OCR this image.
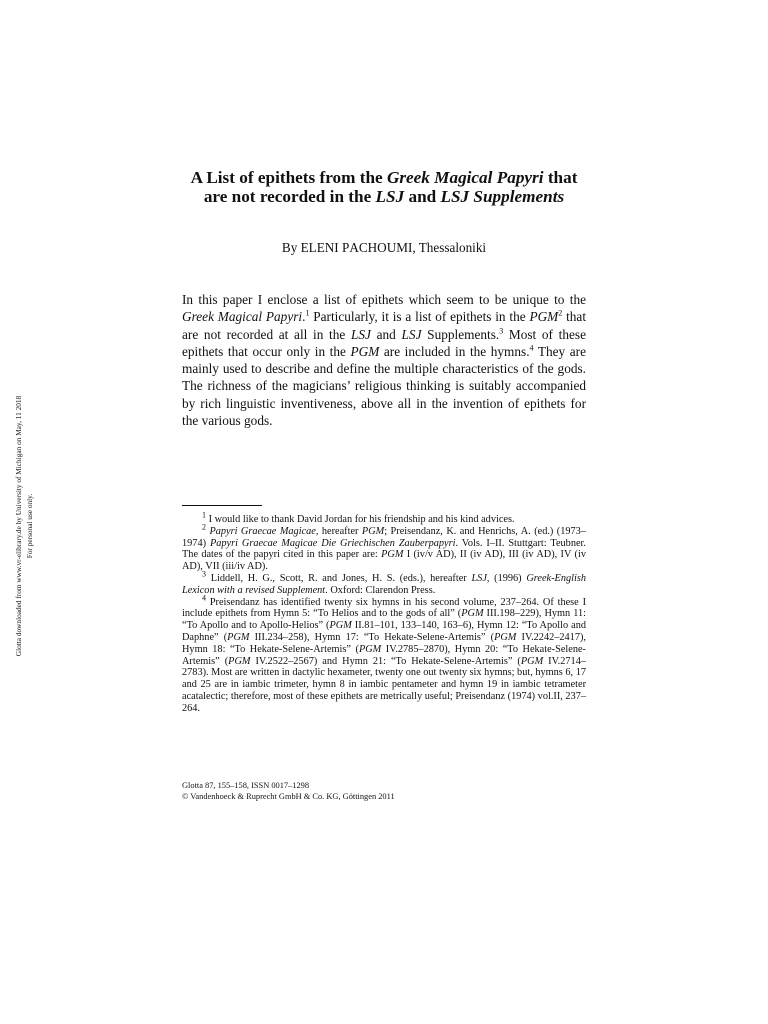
Glotta downloaded from www.vr-elibrary.de by University of Michigan on May, 11 2018 For personal use only.
A List of epithets from the Greek Magical Papyri that are not recorded in the LSJ and LSJ Supplements
By ELENI PACHOUMI, Thessaloniki

In this paper I enclose a list of epithets which seem to be unique to the Greek Magical Papyri.$^1$ Particularly, it is a list of epithets in the PGM$^2$ that are not recorded at all in the LSJ and LSJ Supplements.$^3$ Most of these epithets that occur only in the PGM are included in the hymns.$^4$ They are mainly used to describe and define the multiple characteristics of the gods. The richness of the magicians’ religious thinking is suitably accompanied by rich linguistic inventiveness, above all in the invention of epithets for the various gods.

$^1$ I would like to thank David Jordan for his friendship and his kind advices.

$^2$ Papyri Graecae Magicae, hereafter PGM; Preisendanz, K. and Henrichs, A. (ed.) (1973–1974) Papyri Graecae Magicae Die Griechischen Zauberpapyri. Vols. I–II. Stuttgart: Teubner. The dates of the papyri cited in this paper are: PGM I (iv/v AD), II (iv AD), III (iv AD), IV (iv AD), VII (iii/iv AD).

$^3$ Liddell, H. G., Scott, R. and Jones, H. S. (eds.), hereafter LSJ, (1996) Greek-English Lexicon with a revised Supplement. Oxford: Clarendon Press.

$^4$ Preisendanz has identified twenty six hymns in his second volume, 237–264. Of these I include epithets from Hymn 5: “To Helios and to the gods of all” (PGM III.198–229), Hymn 11: “To Apollo and to Apollo-Helios” (PGM II.81–101, 133–140, 163–6), Hymn 12: “To Apollo and Daphne” (PGM III.234–258), Hymn 17: “To Hekate-Selene-Artemis” (PGM IV.2242–2417), Hymn 18: “To Hekate-Selene-Artemis” (PGM IV.2785–2870), Hymn 20: “To Hekate-Selene-Artemis” (PGM IV.2522–2567) and Hymn 21: “To Hekate-Selene-Artemis” (PGM IV.2714–2783). Most are written in dactylic hexameter, twenty one out twenty six hymns; but, hymns 6, 17 and 25 are in iambic trimeter, hymn 8 in iambic pentameter and hymn 19 in iambic tetrameter acatalectic; therefore, most of these epithets are metrically useful; Preisendanz (1974) vol.II, 237–264.

Glotta 87, 155–158, ISSN 0017–1298
© Vandenhoeck & Ruprecht GmbH & Co. KG, Göttingen 2011
